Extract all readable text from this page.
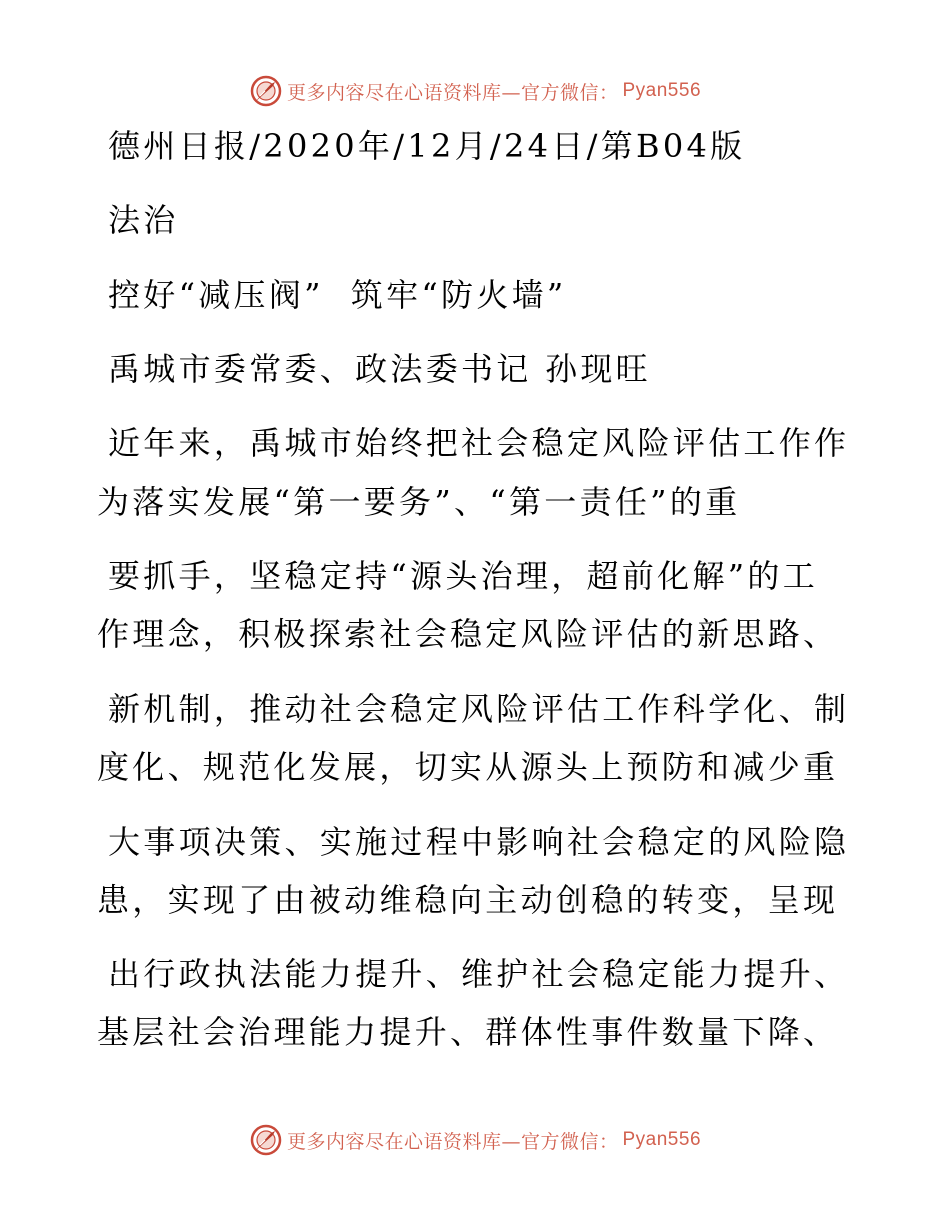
更多内容尽在心语资料库—官方微信： Pyan556
德州日报/2020年/12月/24日/第B04版
法治
控好“减压阀”  筑牢“防火墙”
禹城市委常委、政法委书记 孙现旺
近年来，禹城市始终把社会稳定风险评估工作作
为落实发展“第一要务”、“第一责任”的重
要抓手，坚稳定持“源头治理，超前化解”的工
作理念，积极探索社会稳定风险评估的新思路、
新机制，推动社会稳定风险评估工作科学化、制
度化、规范化发展，切实从源头上预防和减少重
大事项决策、实施过程中影响社会稳定的风险隐
患，实现了由被动维稳向主动创稳的转变，呈现
出行政执法能力提升、维护社会稳定能力提升、
基层社会治理能力提升、群体性事件数量下降、
更多内容尽在心语资料库—官方微信： Pyan556
